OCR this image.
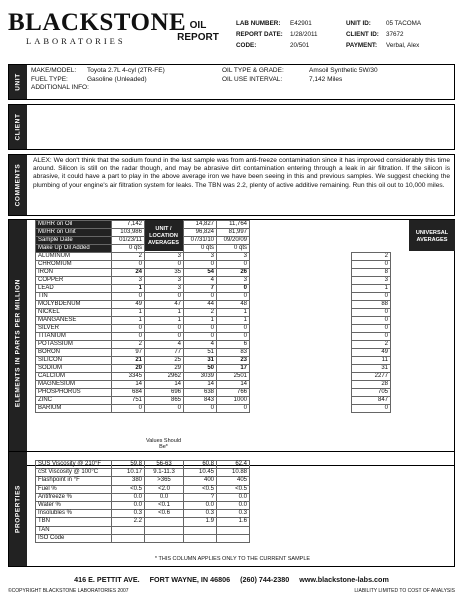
BLACKSTONE
LABORATORIES
OIL
REPORT
LAB NUMBER:	E42901
REPORT DATE:	1/28/2011
CODE:	20/501
UNIT ID:	05 TACOMA
CLIENT ID:	37672
PAYMENT:	Verbal, Alex
UNIT
MAKE/MODEL:	Toyota 2.7L 4-cyl (2TR-FE)	OIL TYPE & GRADE:	Amsoil Synthetic 5W/30
FUEL TYPE:	Gasoline (Unleaded)	OIL USE INTERVAL:	7,142 Miles
ADDITIONAL INFO:
CLIENT
COMMENTS
ALEX: We don't think that the sodium found in the last sample was from anti-freeze contamination since it has improved considerably this time around. Silicon is still on the radar though, and may be abrasive dirt contamination entering through a leak in air filtration. If the silicon is abrasive, it could have a part to play in the above average iron we have been seeing in this and previous samples. We suggest checking the plumbing of your engine's air filtration system for leaks. The TBN was 2.2, plenty of active additive remaining. Run this oil out to 10,000 miles.
ELEMENTS IN PARTS PER MILLION
UNIT / LOCATION AVERAGES
UNIVERSAL AVERAGES
MI/HR on Oil	7,142		14,827	11,764		
MI/HR on Unit	103,986		96,824	81,997		
Sample Date	01/23/11		07/31/10	09/20/09		
Make Up Oil Added	0 qts		0 qts	0 qts		
ALUMINUM	2	3	3	3		2
CHROMIUM	0	0	0	0		0
IRON	24	35	54	26		8
COPPER	3	3	4	3		3
LEAD	1	3	7	0		1
TIN	0	0	0	0		0
MOLYBDENUM	49	47	44	48		88
NICKEL	1	1	2	1		0
MANGANESE	1	1	1	1		0
SILVER	0	0	0	0		0
TITANIUM	0	0	0	0		0
POTASSIUM	2	4	4	6		2
BORON	97	77	51	83		49
SILICON	21	25	31	23		11
SODIUM	20	29	50	17		31
CALCIUM	3345	2962	3039	2501		2277
MAGNESIUM	14	14	14	14		28
PHOSPHORUS	684	696	638	766		705
ZINC	751	865	843	1000		847
BARIUM	0	0	0	0		0
PROPERTIES
Values Should Be*
SUS Viscosity @ 210°F	59.8	56-63	60.8	62.4
cSt Viscosity @ 100°C	10.17	9.1-11.3	10.45	10.88
Flashpoint in °F	380	>365	400	405
Fuel %	<0.5	<2.0	<0.5	<0.5
Antifreeze %	0.0	0.0	?	0.0
Water %	0.0	<0.1	0.0	0.0
Insolubles %	0.3	<0.6	0.3	0.3
TBN	2.2		1.9	1.6
TAN				
ISO Code				
* THIS COLUMN APPLIES ONLY TO THE CURRENT SAMPLE
416 E. PETTIT AVE. FORT WAYNE, IN 46806 (260) 744-2380 www.blackstone-labs.com
©COPYRIGHT BLACKSTONE LABORATORIES 2007	LIABILITY LIMITED TO COST OF ANALYSIS
